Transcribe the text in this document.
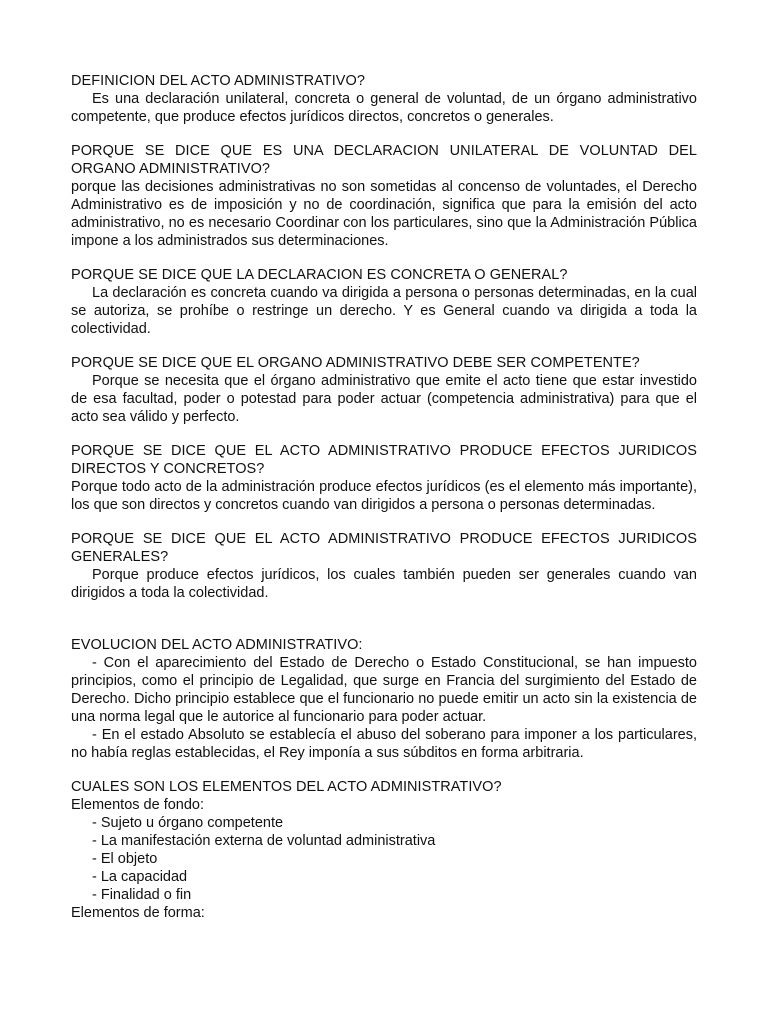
DEFINICION DEL ACTO ADMINISTRATIVO?
Es una declaración unilateral, concreta o general de voluntad, de un órgano administrativo competente, que produce efectos jurídicos directos, concretos o generales.
PORQUE SE DICE QUE ES UNA DECLARACION UNILATERAL DE VOLUNTAD DEL ORGANO ADMINISTRATIVO?
porque las decisiones administrativas no son sometidas al concenso de voluntades, el Derecho Administrativo es de imposición y no de coordinación, significa que para la emisión del acto administrativo, no es necesario Coordinar con los particulares, sino que la Administración Pública impone a los administrados sus determinaciones.
PORQUE SE DICE QUE LA DECLARACION ES CONCRETA O GENERAL?
La declaración es concreta cuando va dirigida a persona o personas determinadas, en la cual se autoriza, se prohíbe o restringe un derecho. Y es General cuando va dirigida a toda la colectividad.
PORQUE SE DICE QUE EL ORGANO ADMINISTRATIVO DEBE SER COMPETENTE?
Porque se necesita que el órgano administrativo que emite el acto tiene que estar investido de esa facultad, poder o potestad para poder actuar (competencia administrativa) para que el acto sea válido y perfecto.
PORQUE SE DICE QUE EL ACTO ADMINISTRATIVO PRODUCE EFECTOS JURIDICOS DIRECTOS Y CONCRETOS?
Porque todo acto de la administración produce efectos jurídicos (es el elemento más importante), los que son directos y concretos cuando van dirigidos a persona o personas determinadas.
PORQUE SE DICE QUE EL ACTO ADMINISTRATIVO PRODUCE EFECTOS JURIDICOS GENERALES?
Porque produce efectos jurídicos, los cuales también pueden ser generales cuando van dirigidos a toda la colectividad.
EVOLUCION DEL ACTO ADMINISTRATIVO:
- Con el aparecimiento del Estado de Derecho o Estado Constitucional, se han impuesto principios, como el principio de Legalidad, que surge en Francia del surgimiento del Estado de Derecho. Dicho principio establece que el funcionario no puede emitir un acto sin la existencia de una norma legal que le autorice al funcionario para poder actuar.
- En el estado Absoluto se establecía el abuso del soberano para imponer a los particulares, no había reglas establecidas, el Rey imponía a sus súbditos en forma arbitraria.
CUALES SON LOS ELEMENTOS DEL ACTO ADMINISTRATIVO?
Elementos de fondo:
- Sujeto u órgano competente
- La manifestación externa de voluntad administrativa
- El objeto
- La capacidad
- Finalidad o fin
Elementos de forma:
